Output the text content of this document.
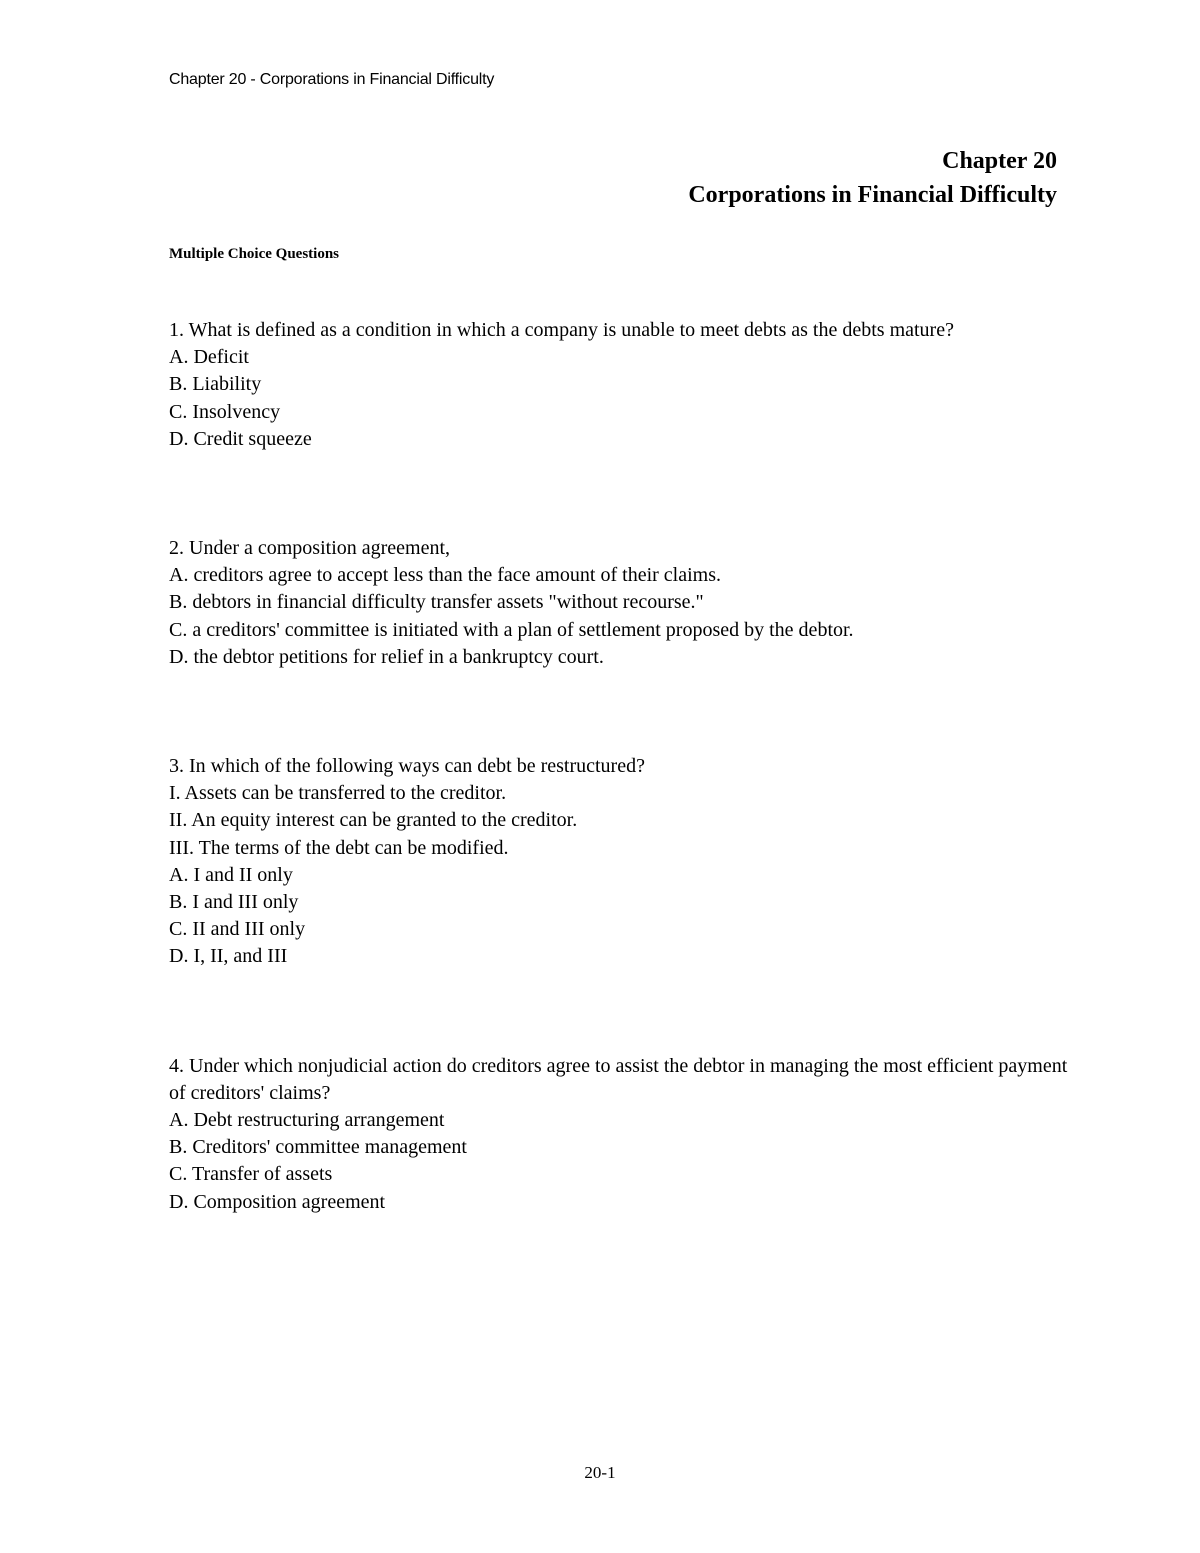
Chapter 20 - Corporations in Financial Difficulty
Chapter 20
Corporations in Financial Difficulty
Multiple Choice Questions
1. What is defined as a condition in which a company is unable to meet debts as the debts mature?
A. Deficit
B. Liability
C. Insolvency
D. Credit squeeze
2. Under a composition agreement,
A. creditors agree to accept less than the face amount of their claims.
B. debtors in financial difficulty transfer assets "without recourse."
C. a creditors' committee is initiated with a plan of settlement proposed by the debtor.
D. the debtor petitions for relief in a bankruptcy court.
3. In which of the following ways can debt be restructured?
I. Assets can be transferred to the creditor.
II. An equity interest can be granted to the creditor.
III. The terms of the debt can be modified.
A. I and II only
B. I and III only
C. II and III only
D. I, II, and III
4. Under which nonjudicial action do creditors agree to assist the debtor in managing the most efficient payment of creditors' claims?
A. Debt restructuring arrangement
B. Creditors' committee management
C. Transfer of assets
D. Composition agreement
20-1
